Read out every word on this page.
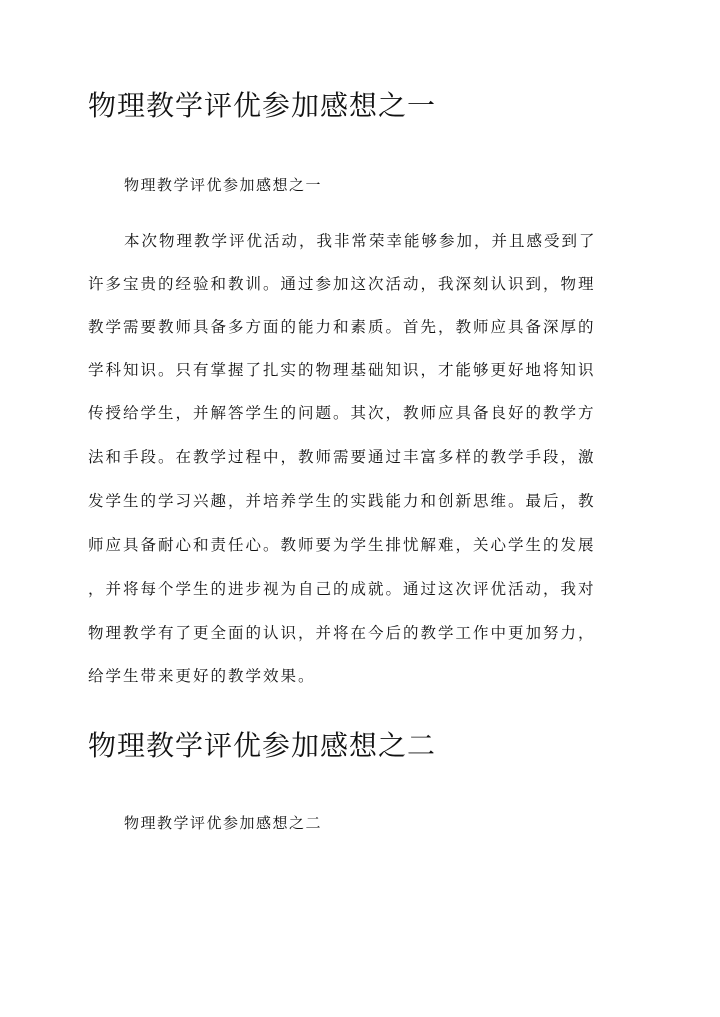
物理教学评优参加感想之一

物理教学评优参加感想之一

本次物理教学评优活动，我非常荣幸能够参加，并且感受到了

许多宝贵的经验和教训。通过参加这次活动，我深刻认识到，物理

教学需要教师具备多方面的能力和素质。首先，教师应具备深厚的

学科知识。只有掌握了扎实的物理基础知识，才能够更好地将知识

传授给学生，并解答学生的问题。其次，教师应具备良好的教学方

法和手段。在教学过程中，教师需要通过丰富多样的教学手段，激

发学生的学习兴趣，并培养学生的实践能力和创新思维。最后，教

师应具备耐心和责任心。教师要为学生排忧解难，关心学生的发展

，并将每个学生的进步视为自己的成就。通过这次评优活动，我对

物理教学有了更全面的认识，并将在今后的教学工作中更加努力，

给学生带来更好的教学效果。

物理教学评优参加感想之二

物理教学评优参加感想之二
